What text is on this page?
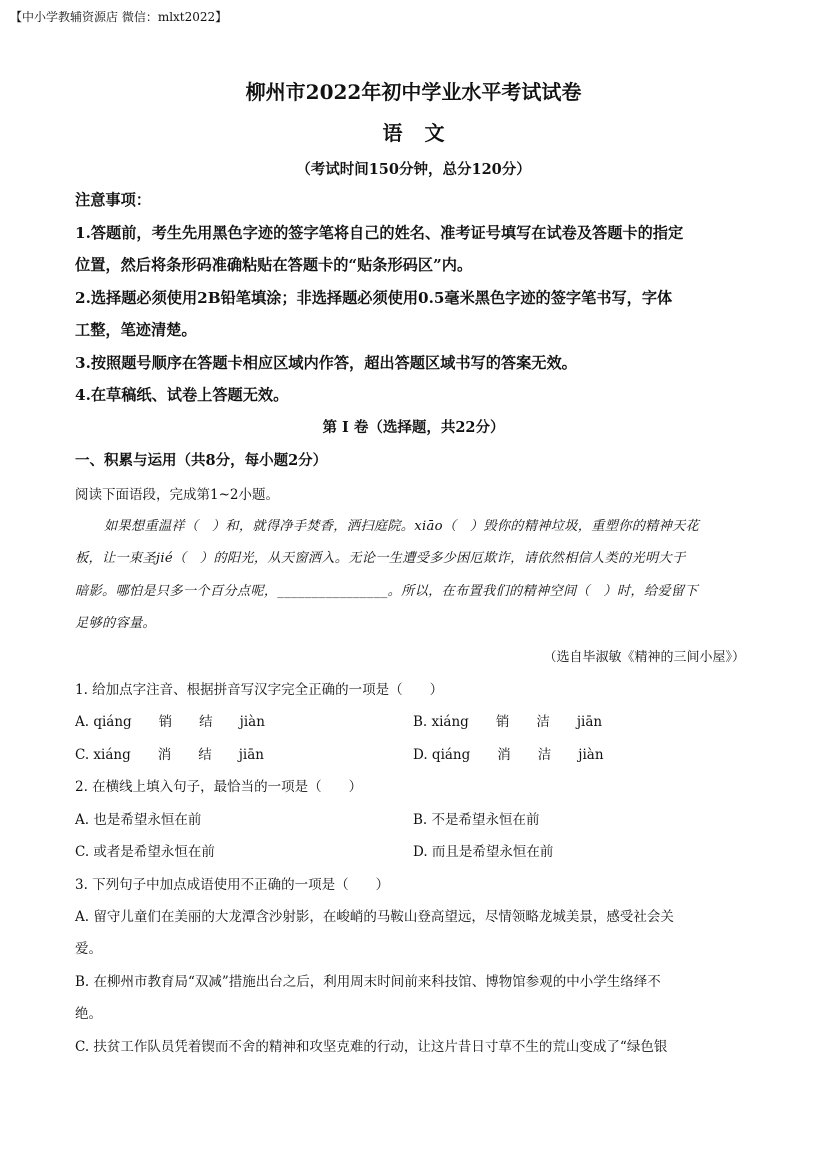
【中小学教辅资源店 微信：mlxt2022】
柳州市2022年初中学业水平考试试卷
语文
（考试时间150分钟，总分120分）
注意事项：
1.答题前，考生先用黑色字迹的签字笔将自己的姓名、准考证号填写在试卷及答题卡的指定
位置，然后将条形码准确粘贴在答题卡的“贴条形码区”内。
2.选择题必须使用2B铅笔填涂；非选择题必须使用0.5毫米黑色字迹的签字笔书写，字体
工整，笔迹清楚。
3.按照题号顺序在答题卡相应区域内作答，超出答题区域书写的答案无效。
4.在草稿纸、试卷上答题无效。
第 Ⅰ 卷（选择题，共22分）
一、积累与运用（共8分，每小题2分）
阅读下面语段，完成第1~2小题。
如果想重温祥（　）和，就得净手焚香，洒扫庭院。xiāo（　）毁你的精神垃圾，重塑你的精神天花
板，让一束圣jié（　）的阳光，从天窗洒入。无论一生遭受多少困厄欺诈，请依然相信人类的光明大于
暗影。哪怕是只多一个百分点呢，________________。所以，在布置我们的精神空间（　）时，给爱留下
足够的容量。
（选自毕淑敏《精神的三间小屋》）
1. 给加点字注音、根据拼音写汉字完全正确的一项是（　　）
A. qiáng　　销　　结　　jiàn	B. xiáng　　销　　洁　　jiān
C. xiáng　　消　　结　　jiān	D. qiáng　　消　　洁　　jiàn
2. 在横线上填入句子，最恰当的一项是（　　）
A. 也是希望永恒在前	B. 不是希望永恒在前
C. 或者是希望永恒在前	D. 而且是希望永恒在前
3. 下列句子中加点成语使用不正确的一项是（　　）
A. 留守儿童们在美丽的大龙潭含沙射影，在峻峭的马鞍山登高望远，尽情领略龙城美景，感受社会关
爱。
B. 在柳州市教育局“双减”措施出台之后，利用周末时间前来科技馆、博物馆参观的中小学生络绎不
绝。
C. 扶贫工作队员凭着锲而不舍的精神和攻坚克难的行动，让这片昔日寸草不生的荒山变成了“绿色银
